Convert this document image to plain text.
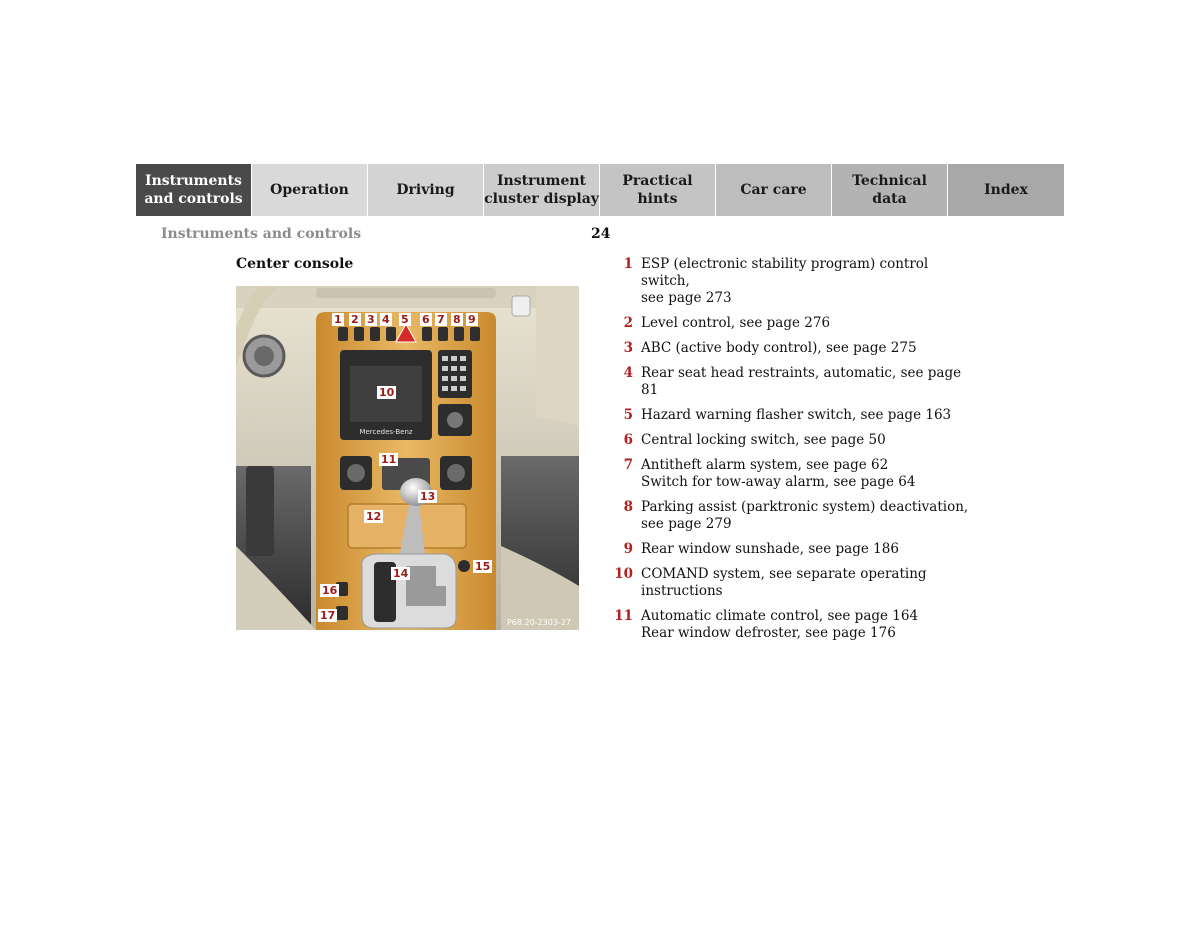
Instruments
and controls
Operation	Driving
Instrument
cluster display
Practical hints
Car care
Technical
data
Index
Instruments and controls	24
Center console
Mercedes-Benz
1 2 3 4 5 6 7 8 9
10
11
12
13
14
15
16
17
P68.20-2303-27
1 ESP (electronic stability program) control switch,
see page 273
2 Level control, see page 276
3 ABC (active body control), see page 275
4 Rear seat head restraints, automatic, see page 81
5 Hazard warning flasher switch, see page 163
6 Central locking switch, see page 50
7 Antitheft alarm system, see page 62
Switch for tow-away alarm, see page 64
8 Parking assist (parktronic system) deactivation,
see page 279
9 Rear window sunshade, see page 186
10 COMAND system, see separate operating
instructions
11 Automatic climate control, see page 164
Rear window defroster, see page 176
